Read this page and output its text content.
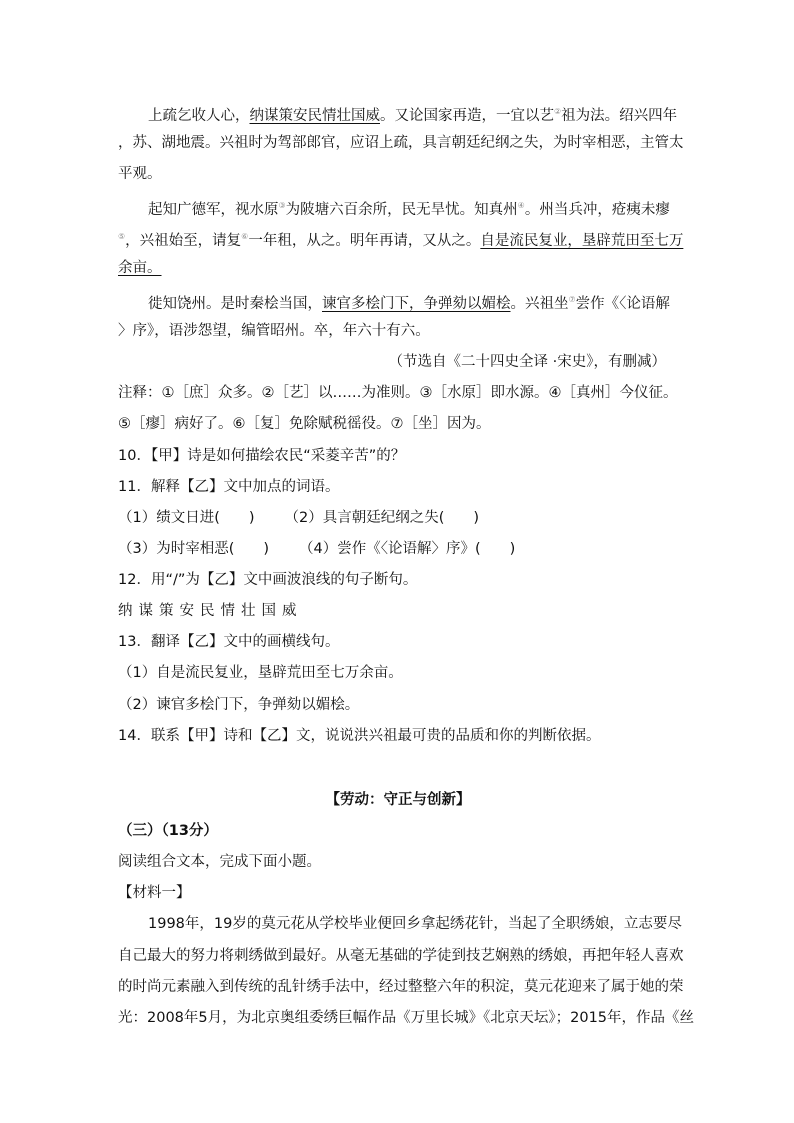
上疏乞收人心，纳谋策安民情壮国威。又论国家再造，一宜以艺②祖为法。绍兴四年
，苏、湖地震。兴祖时为驾部郎官，应诏上疏，具言朝廷纪纲之失，为时宰相恶，主管太
平观。
起知广德军，视水原③为陂塘六百余所，民无旱忧。知真州④。州当兵冲，疮痍未瘳
⑤，兴祖始至，请复⑥一年租，从之。明年再请，又从之。自是流民复业，垦辟荒田至七万
余亩。
徙知饶州。是时秦桧当国，谏官多桧门下，争弹劾以媚桧。兴祖坐⑦尝作《〈论语解
〉序》，语涉怨望，编管昭州。卒，年六十有六。
（节选自《二十四史全译 ·宋史》，有删减）
注释：①［庶］众多。②［艺］以……为准则。③［水原］即水源。④［真州］今仪征。
⑤［瘳］病好了。⑥［复］免除赋税徭役。⑦［坐］因为。
10．【甲】诗是如何描绘农民“采菱辛苦”的？
11．解释【乙】文中加点的词语。
（1）绩文日进(　　) （2）具言朝廷纪纲之失(　　)
（3）为时宰相恶(　　) （4）尝作《〈论语解〉序》(　　)
12．用“/”为【乙】文中画波浪线的句子断句。
纳谋策安民情壮国威
13．翻译【乙】文中的画横线句。
（1）自是流民复业，垦辟荒田至七万余亩。
（2）谏官多桧门下，争弹劾以媚桧。
14．联系【甲】诗和【乙】文，说说洪兴祖最可贵的品质和你的判断依据。
【劳动：守正与创新】
（三）（13分）
阅读组合文本，完成下面小题。
【材料一】
1998年，19岁的莫元花从学校毕业便回乡拿起绣花针，当起了全职绣娘，立志要尽
自己最大的努力将刺绣做到最好。从毫无基础的学徒到技艺娴熟的绣娘，再把年轻人喜欢
的时尚元素融入到传统的乱针绣手法中，经过整整六年的积淀，莫元花迎来了属于她的荣
光：2008年5月，为北京奥组委绣巨幅作品《万里长城》《北京天坛》；2015年，作品《丝
